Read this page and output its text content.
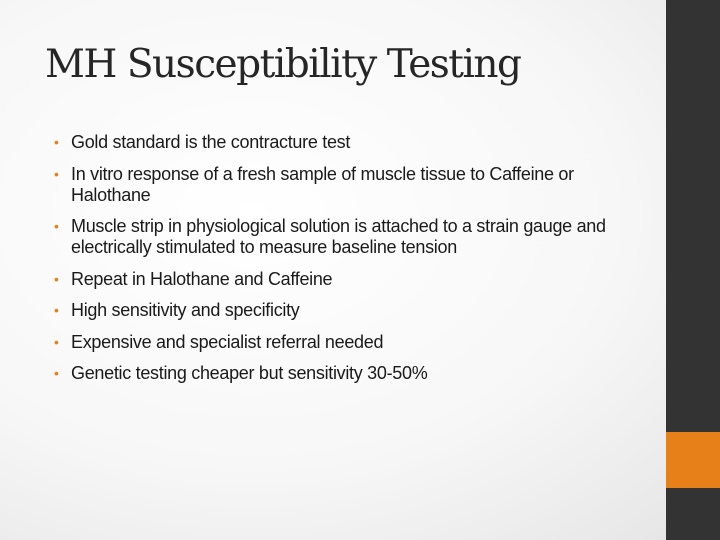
MH Susceptibility Testing
• Gold standard is the contracture test
• In vitro response of a fresh sample of muscle tissue to Caffeine or Halothane
• Muscle strip in physiological solution is attached to a strain gauge and electrically stimulated to measure baseline tension
• Repeat in Halothane and Caffeine
• High sensitivity and specificity
• Expensive and specialist referral needed
• Genetic testing cheaper but sensitivity 30-50%
